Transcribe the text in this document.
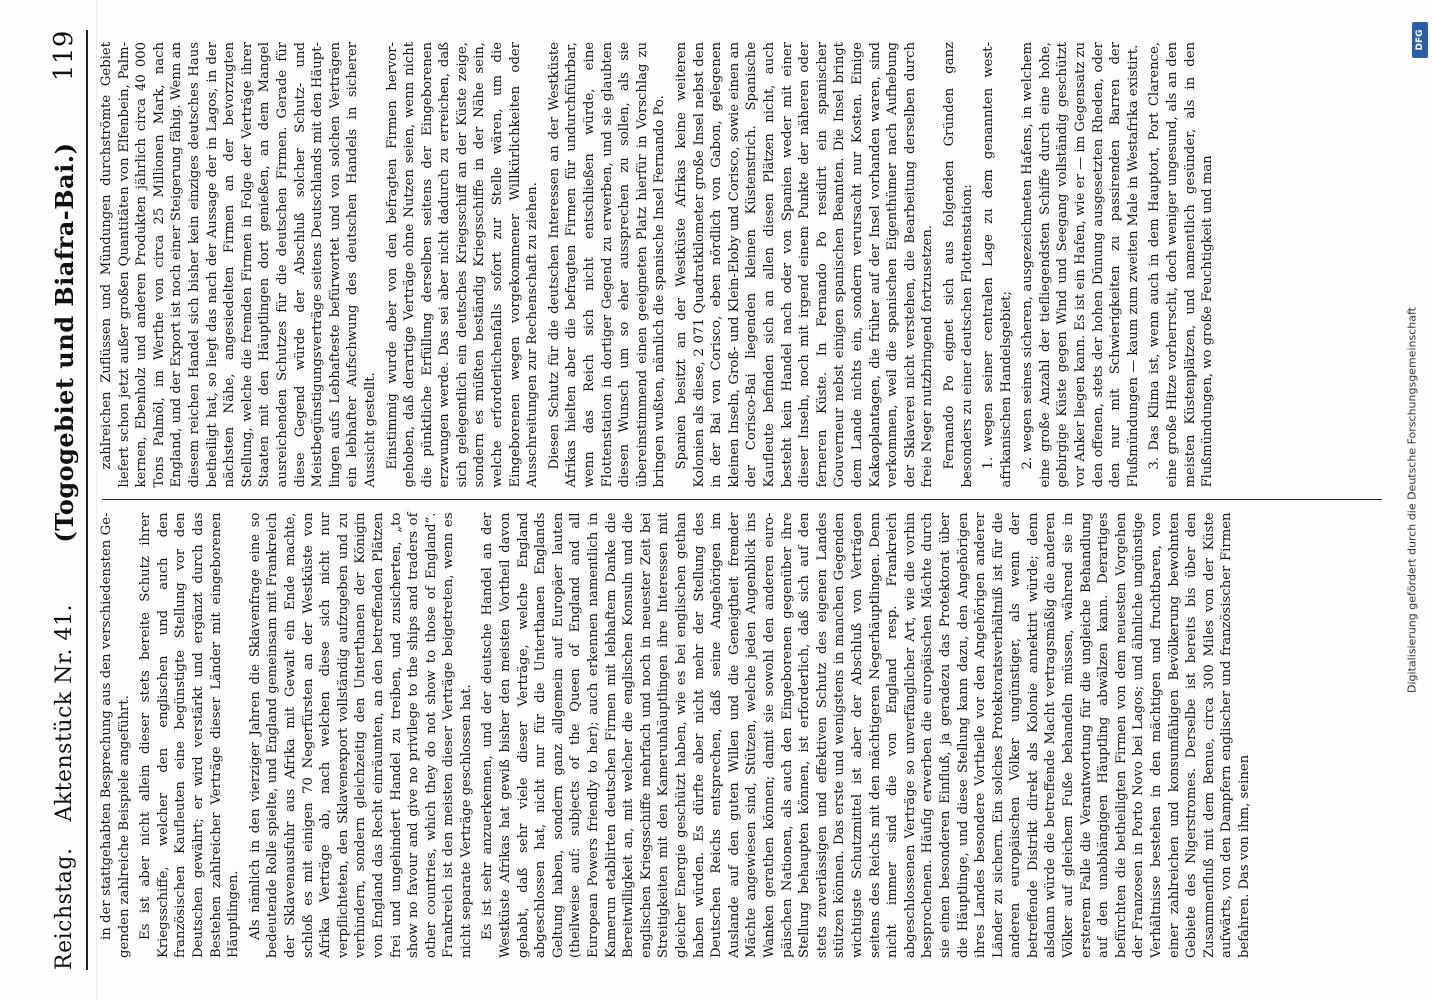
Reichstag.
Aktenstück Nr. 41.
(Togogebiet und Biafra-Bai.)
119

in der stattgehabten Besprechung aus den verschiedensten Gegenden zahlreiche Beispiele angeführt. Es ist aber nicht allein dieser stets bereite Schutz ihrer Kriegsschiffe, welcher den englischen und auch den französischen Kaufleuten eine begünstigte Stellung vor den Deutschen gewährt; er wird verstärkt und ergänzt durch das Bestehen zahlreicher Verträge dieser Länder mit eingeborenen Häuptlingen. Als nämlich in den vierziger Jahren die Sklavenfrage eine so bedeutende Rolle spielte, und England gemeinsam mit Frankreich der Sklavenausfuhr aus Afrika mit Gewalt ein Ende machte, schloß es mit einigen 70 Negerfürsten an der Westküste von Afrika Verträge ab, nach welchen diese sich nicht nur verpflichteten, den Sklavenexport vollständig aufzugeben und zu verhindern, sondern gleichzeitig den Unterthanen der Königin von England das Recht einräumten, an den betreffenden Plätzen frei und ungehindert Handel zu treiben, und zusicherten, „to show no favour and give no privilege to the ships and traders of other countries, which they do not show to those of England“. Frankreich ist den meisten dieser Verträge beigetreten, wenn es nicht separate Verträge geschlossen hat. Es ist sehr anzuerkennen, und der deutsche Handel an der Westküste Afrikas hat gewiß bisher den meisten Vortheil davon gehabt, daß sehr viele dieser Verträge, welche England abgeschlossen hat, nicht nur für die Unterthanen Englands Geltung haben, sondern ganz allgemein auf Europäer lauten (theilweise auf: subjects of the Queen of England and all European Powers friendly to her); auch erkennen namentlich in Kamerun etablirten deutschen Firmen mit lebhaftem Danke die Bereitwilligkeit an, mit welcher die englischen Konsuln und die englischen Kriegsschiffe mehrfach und noch in neuester Zeit bei Streitigkeiten mit den Kamerunhäuptlingen ihre Interessen mit gleicher Energie geschützt haben, wie es bei englischen gethan haben würden. Es dürfte aber nicht mehr der Stellung des Deutschen Reichs entsprechen, daß seine Angehörigen im Auslande auf den guten Willen und die Geneigtheit fremder Mächte angewiesen sind, Stützen, welche jeden Augenblick ins Wanken gerathen können; damit sie sowohl den anderen europäischen Nationen, als auch den Eingeborenen gegenüber ihre Stellung behaupten können, ist erforderlich, daß sich auf den stets zuverlässigen und effektiven Schutz des eigenen Landes stützen können. Das erste und wenigstens in manchen Gegenden wichtigste Schutzmittel ist aber der Abschluß von Verträgen seitens des Reichs mit den mächtigeren Negerhäuptlingen. Denn nicht immer sind die von England resp. Frankreich abgeschlossenen Verträge so unverfänglicher Art, wie die vorhin besprochenen. Häufig erwerben die europäischen Mächte durch sie einen besonderen Einfluß, ja geradezu das Protektorat über die Häuptlinge, und diese Stellung kann dazu, den Angehörigen ihres Landes besondere Vortheile vor den Angehörigen anderer Länder zu sichern. Ein solches Protektoratsverhältniß ist für die anderen europäischen Völker ungünstiger, als wenn der betreffende Distrikt direkt als Kolonie annektirt würde; denn alsdann würde die betreffende Macht vertragsmäßig die anderen Völker auf gleichem Fuße behandeln müssen, während sie in ersterem Falle die Verantwortung für die ungleiche Behandlung auf den unabhängigen Häuptling abwälzen kann. Derartiges befürchten die betheiligten Firmen von dem neuesten Vorgehen der Franzosen in Porto Novo bei Lagos; und ähnliche ungünstige Verhältnisse bestehen in den mächtigen und fruchtbaren, von einer zahlreichen und konsumfähigen Bevölkerung bewohnten Gebiete des Nigerstromes. Derselbe ist bereits bis über den Zusammenfluß mit dem Benue, circa 300 Miles von der Küste aufwärts, von den Dampfern englischer und französischer Firmen befahren. Das von ihm, seinen

zahlreichen Zuflüssen und Mündungen durchströmte Gebiet liefert schon jetzt außer großen Quantitäten von Elfenbein, Palmkernen, Ebenholz und anderen Produkten jährlich circa 40 000 Tons Palmöl, im Werthe von circa 25 Millionen Mark, nach England, und der Export ist noch einer Steigerung fähig. Wenn an diesem reichen Handel sich bisher kein einziges deutsches Haus betheiligt hat, so liegt das nach der Aussage der in Lagos, in der nächsten Nähe, angesiedelten Firmen an der bevorzugten Stellung, welche die fremden Firmen in Folge der Verträge ihrer Staaten mit den Häuptlingen dort genießen, an dem Mangel ausreichenden Schutzes für die deutschen Firmen. Gerade für diese Gegend würde der Abschluß solcher Schutz- und Meistbegünstigungsverträge seitens Deutschlands mit den Häuptlingen aufs Lebhafteste befürwortet und von solchen Verträgen ein lebhafter Aufschwung des deutschen Handels in sicherer Aussicht gestellt. Einstimmig wurde aber von den befragten Firmen hervorgehoben, daß derartige Verträge ohne Nutzen seien, wenn nicht die pünktliche Erfüllung derselben seitens der Eingeborenen erzwungen werde. Das sei aber nicht dadurch zu erreichen, daß sich gelegentlich ein deutsches Kriegsschiff an der Küste zeige, sondern es müßten beständig Kriegsschiffe in der Nähe sein, welche erforderlichenfalls sofort zur Stelle wären, um die Eingeborenen wegen vorgekommener Willkürlichkeiten oder Ausschreitungen zur Rechenschaft zu ziehen. Diesen Schutz für die deutschen Interessen an der Westküste Afrikas hielten aber die befragten Firmen für undurchführbar, wenn das Reich sich nicht entschließen würde, eine Flottenstation in dortiger Gegend zu erwerben, und sie glaubten diesen Wunsch um so eher aussprechen zu sollen, als sie übereinstimmend einen geeigneten Platz hierfür in Vorschlag zu bringen wußten, nämlich die spanische Insel Fernando Po. Spanien besitzt an der Westküste Afrikas keine weiteren Kolonien als diese, 2 071 Quadratkilometer große Insel nebst den in der Bai von Corisco, eben nördlich von Gabon, gelegenen kleinen Inseln, Groß- und Klein-Eloby und Corisco, sowie einen an der Corisco-Bai liegenden kleinen Küstenstrich. Spanische Kaufleute befinden sich an allen diesen Plätzen nicht, auch besteht kein Handel nach oder von Spanien weder mit einer dieser Inseln, noch mit irgend einem Punkte der näheren oder ferneren Küste. In Fernando Po residirt ein spanischer Gouverneur nebst einigen spanischen Beamten. Die Insel bringt dem Lande nichts ein, sondern verursacht nur Kosten. Einige Kakaoplantagen, die früher auf der Insel vorhanden waren, sind verkommen, weil die spanischen Eigenthümer nach Aufhebung der Sklaverei nicht verstehen, die Bearbeitung derselben durch freie Neger nutzbringend fortzusetzen. Fernando Po eignet sich aus folgenden Gründen ganz besonders zu einer deutschen Flottenstation: 1. wegen seiner centralen Lage zu dem genannten westafrikanischen Handelsgebiet; 2. wegen seines sicheren, ausgezeichneten Hafens, in welchem eine große Anzahl der tiefliegendsten Schiffe durch eine hohe, gebirgige Küste gegen Wind und Seegang vollständig geschützt vor Anker liegen kann. Es ist ein Hafen, wie er — im Gegensatz zu den offenen, stets der hohen Dünung ausgesetzten Rheden, oder den nur mit Schwierigkeiten zu passirenden Barren der Flußmündungen — kaum zum zweiten Male in Westafrika existirt. 3. Das Klima ist, wenn auch in dem Hauptort, Port Clarence, eine große Hitze vorherrscht, doch weniger ungesund, als an den meisten Küstenplätzen, und namentlich gesünder, als in den Flußmündungen, wo große Feuchtigkeit und man	Digitalisierung gefördert durch die Deutsche Forschungsgemeinschaft
DFG
